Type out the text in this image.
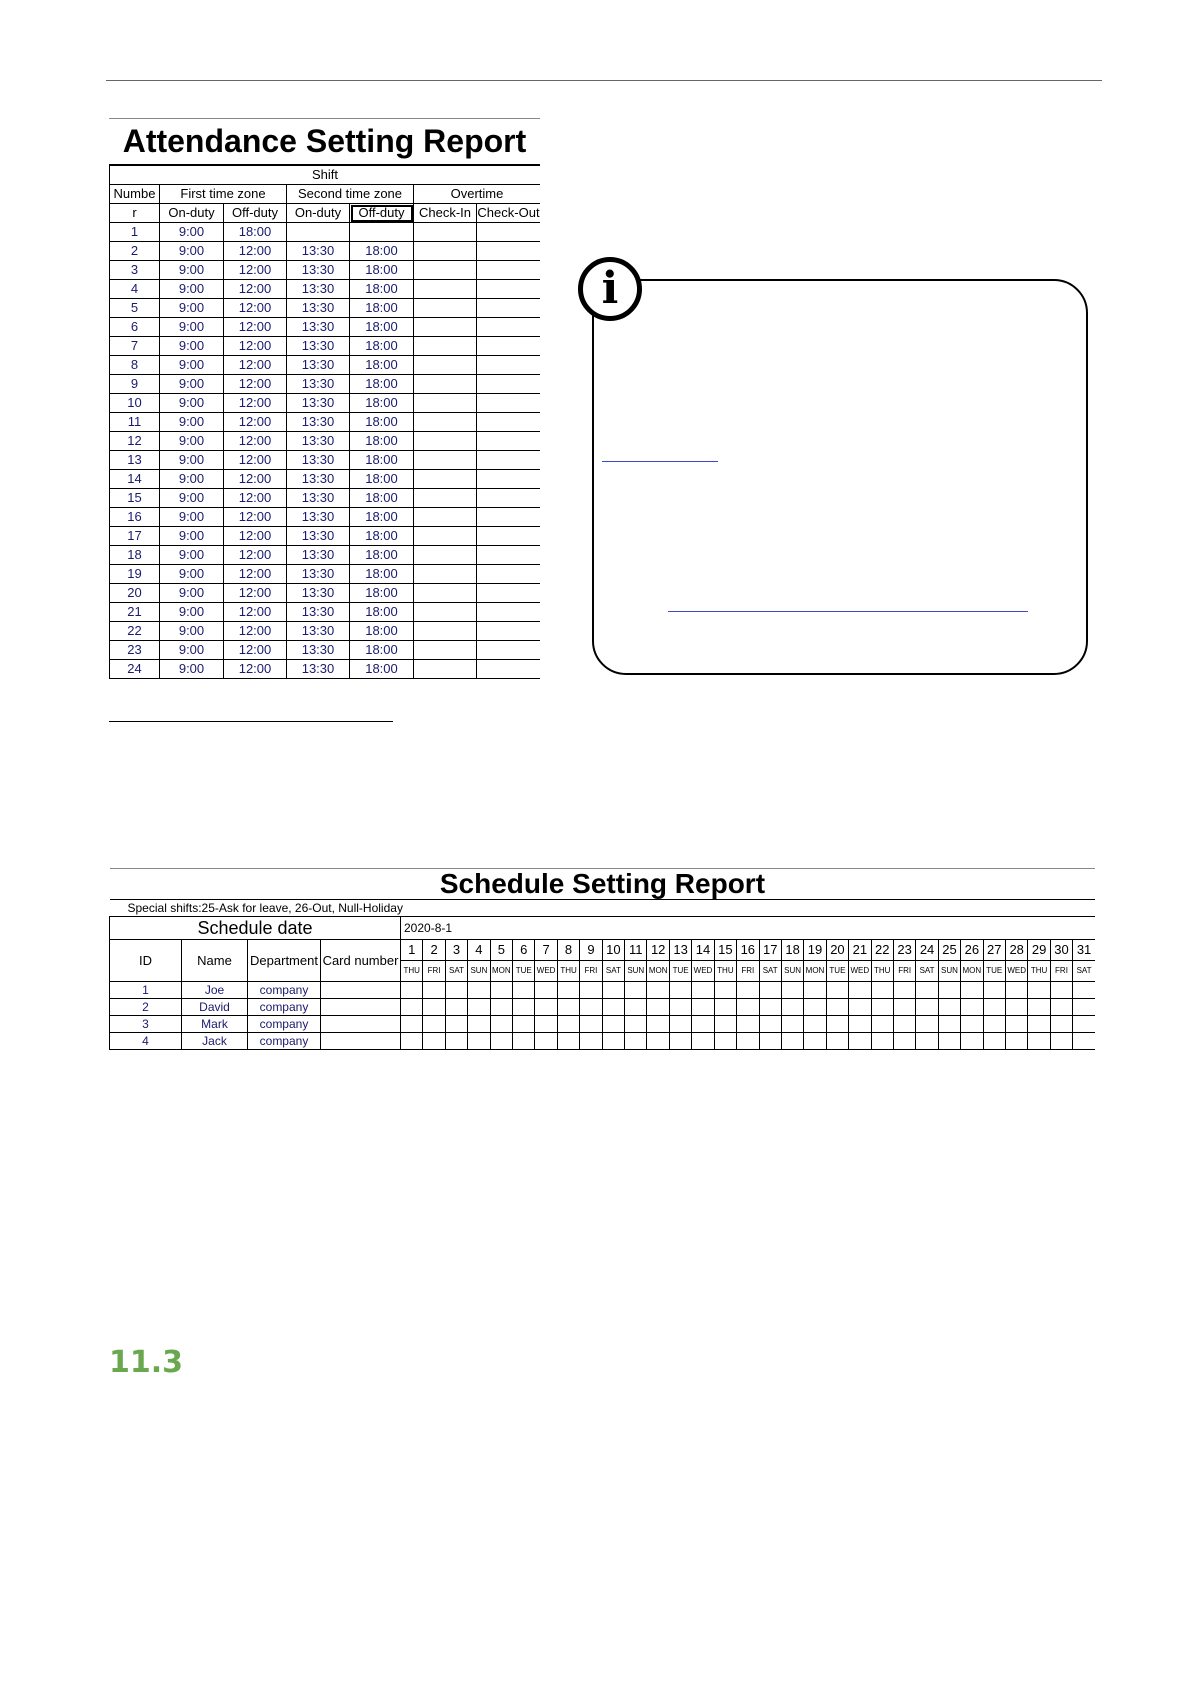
Attendance Setting Report
Shift						
Numbe	First time zone		Second time zone		Overtime	
r	On-duty	Off-duty	On-duty	Off-duty	Check-In	Check-Out
1	9:00	18:00				
2	9:00	12:00	13:30	18:00		
3	9:00	12:00	13:30	18:00		
4	9:00	12:00	13:30	18:00		
5	9:00	12:00	13:30	18:00		
6	9:00	12:00	13:30	18:00		
7	9:00	12:00	13:30	18:00		
8	9:00	12:00	13:30	18:00		
9	9:00	12:00	13:30	18:00		
10	9:00	12:00	13:30	18:00		
11	9:00	12:00	13:30	18:00		
12	9:00	12:00	13:30	18:00		
13	9:00	12:00	13:30	18:00		
14	9:00	12:00	13:30	18:00		
15	9:00	12:00	13:30	18:00		
16	9:00	12:00	13:30	18:00		
17	9:00	12:00	13:30	18:00		
18	9:00	12:00	13:30	18:00		
19	9:00	12:00	13:30	18:00		
20	9:00	12:00	13:30	18:00		
21	9:00	12:00	13:30	18:00		
22	9:00	12:00	13:30	18:00		
23	9:00	12:00	13:30	18:00		
24	9:00	12:00	13:30	18:00		
i
Schedule Setting Report																																		
Special shifts:25-Ask for leave, 26-Out, Null-Holiday																																		
Schedule date				2020-8-1																														
ID	Name	Department	Card number	1	2	3	4	5	6	7	8	9	10	11	12	13	14	15	16	17	18	19	20	21	22	23	24	25	26	27	28	29	30	31
				THU	FRI	SAT	SUN	MON	TUE	WED	THU	FRI	SAT	SUN	MON	TUE	WED	THU	FRI	SAT	SUN	MON	TUE	WED	THU	FRI	SAT	SUN	MON	TUE	WED	THU	FRI	SAT
1	Joe	company																																
2	David	company																																
3	Mark	company																																
4	Jack	company																																
11.3
